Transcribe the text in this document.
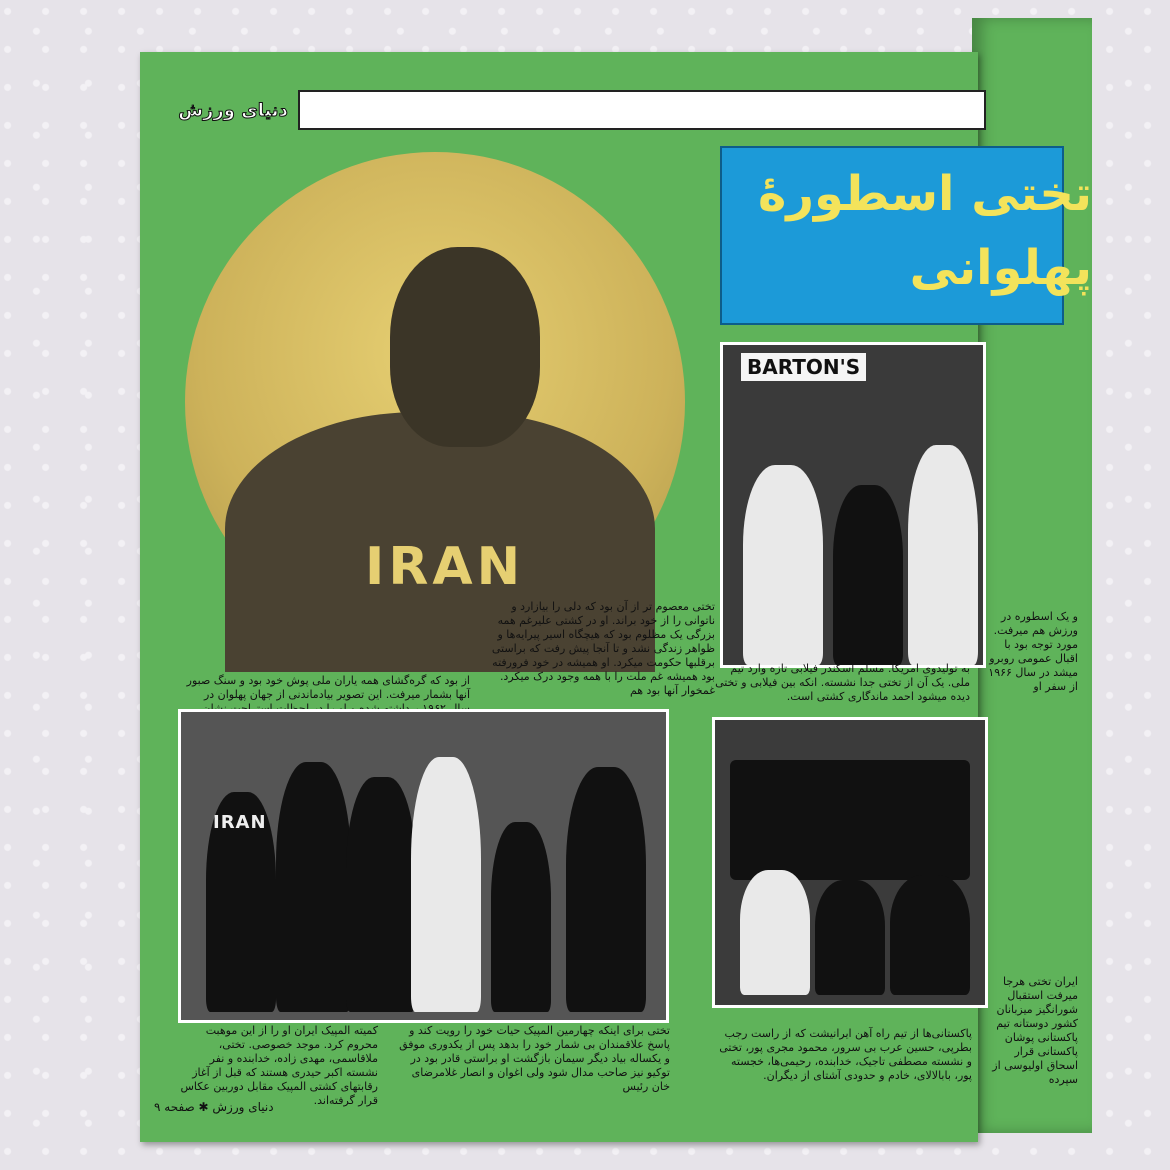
دنیای ورزش
تختی اسطورهٔ
پهلوانی
IRAN
BARTON'S

به تولیدوی امریکا. مسلم اسکندر فیلابی تازه وارد تیم ملی. یک آن از تختی جدا نشسته. انکه بین فیلابی و تختی دیده میشود احمد ماندگاری کشتی است.

تختی معصوم تر از آن بود که دلی را بیازارد و ناتوانی را از خود براند. او در کشتی علیرغم همه بزرگی یک مظلوم بود که هیچگاه اسیر پیرایه‌ها و ظواهر زندگی نشد و تا آنجا پیش رفت که براستی برقلبها حکومت میکرد. او همیشه در خود فرورفته بود همیشه غم ملت را با همه وجود درک میکرد. غمخوار آنها بود هم

از بود که گره‌گشای همه یاران ملی پوش خود بود و سنگ صبور آنها بشمار میرفت. این تصویر بیادماندنی از جهان پهلوان در

IRAN

پاکستانی‌ها از تیم راه آهن ایرانیشت که از راست رجب بطرپی، حسین عرب بی سرور، محمود مجری پور، تختی و نشسته مصطفی تاجیک، خدابنده، رحیمی‌ها، خجسته پور، بابالالای، خادم و حدودی آشتای از دیگران.

کمیته المپیک ایران او را از این موهبت محروم کرد. موجد خصوصی. تختی، ملاقاسمی، مهدی زاده، خدابنده و نفر نشسته اکبر حیدری هستند که قبل از آغاز رقابتهای کشتی المپیک مقابل دوربین عکاس قرار گرفته‌اند.

تختی برای اینکه چهارمین المپیک حیات خود را رویت کند و پاسخ علاقمندان بی شمار خود را بدهد پس از یکدوری موفق و یکساله بیاد دیگر سیمان بازگشت او براستی قادر بود در توکیو نیز صاحب مدال شود ولی اغوان و انصار غلامرضای خان رئیس

دنیای ورزش ✱ صفحه ۹

و یک اسطوره در ورزش هم میرفت. مورد توجه بود با اقبال عمومی روبرو میشد در سال ۱۹۶۶ از سفر او

ایران تختی هرجا میرفت استقبال شورانگیز میزبانان کشور دوستانه تیم پاکستانی پوشان پاکستانی قرار اسحاق اولیوسی از سپرده
